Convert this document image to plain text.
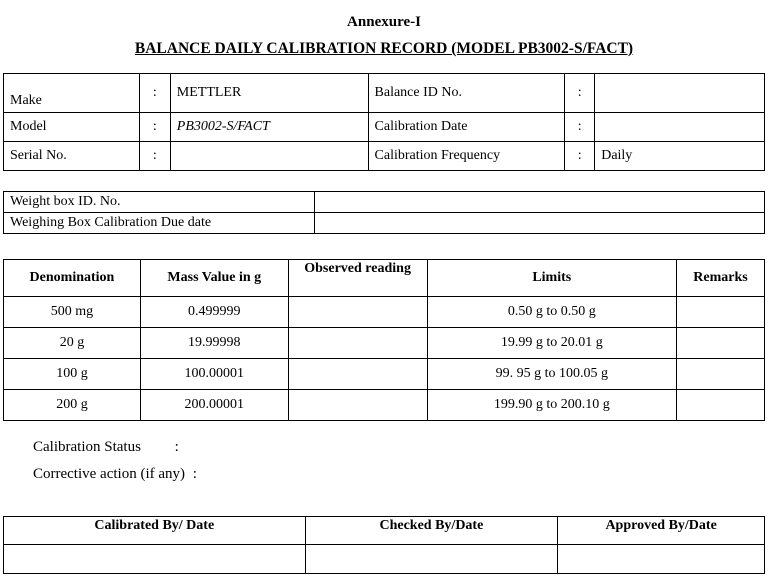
Annexure-I
BALANCE DAILY CALIBRATION RECORD (MODEL PB3002-S/FACT)
Make	:	METTLER	Balance ID No.	:	
Model	:	PB3002-S/FACT	Calibration Date	:	
Serial No.	:		Calibration Frequency	:	Daily
Weight box ID. No.	
Weighing Box Calibration Due date	
Denomination	Mass Value in g	Observed reading	Limits	Remarks
500 mg	0.499999		0.50 g to 0.50 g	
20 g	19.99998		19.99 g to 20.01 g	
100 g	100.00001		99. 95 g to 100.05 g	
200 g	200.00001		199.90 g to 200.10 g	
Calibration Status :
Corrective action (if any) :
Calibrated By/ Date	Checked By/Date	Approved By/Date
